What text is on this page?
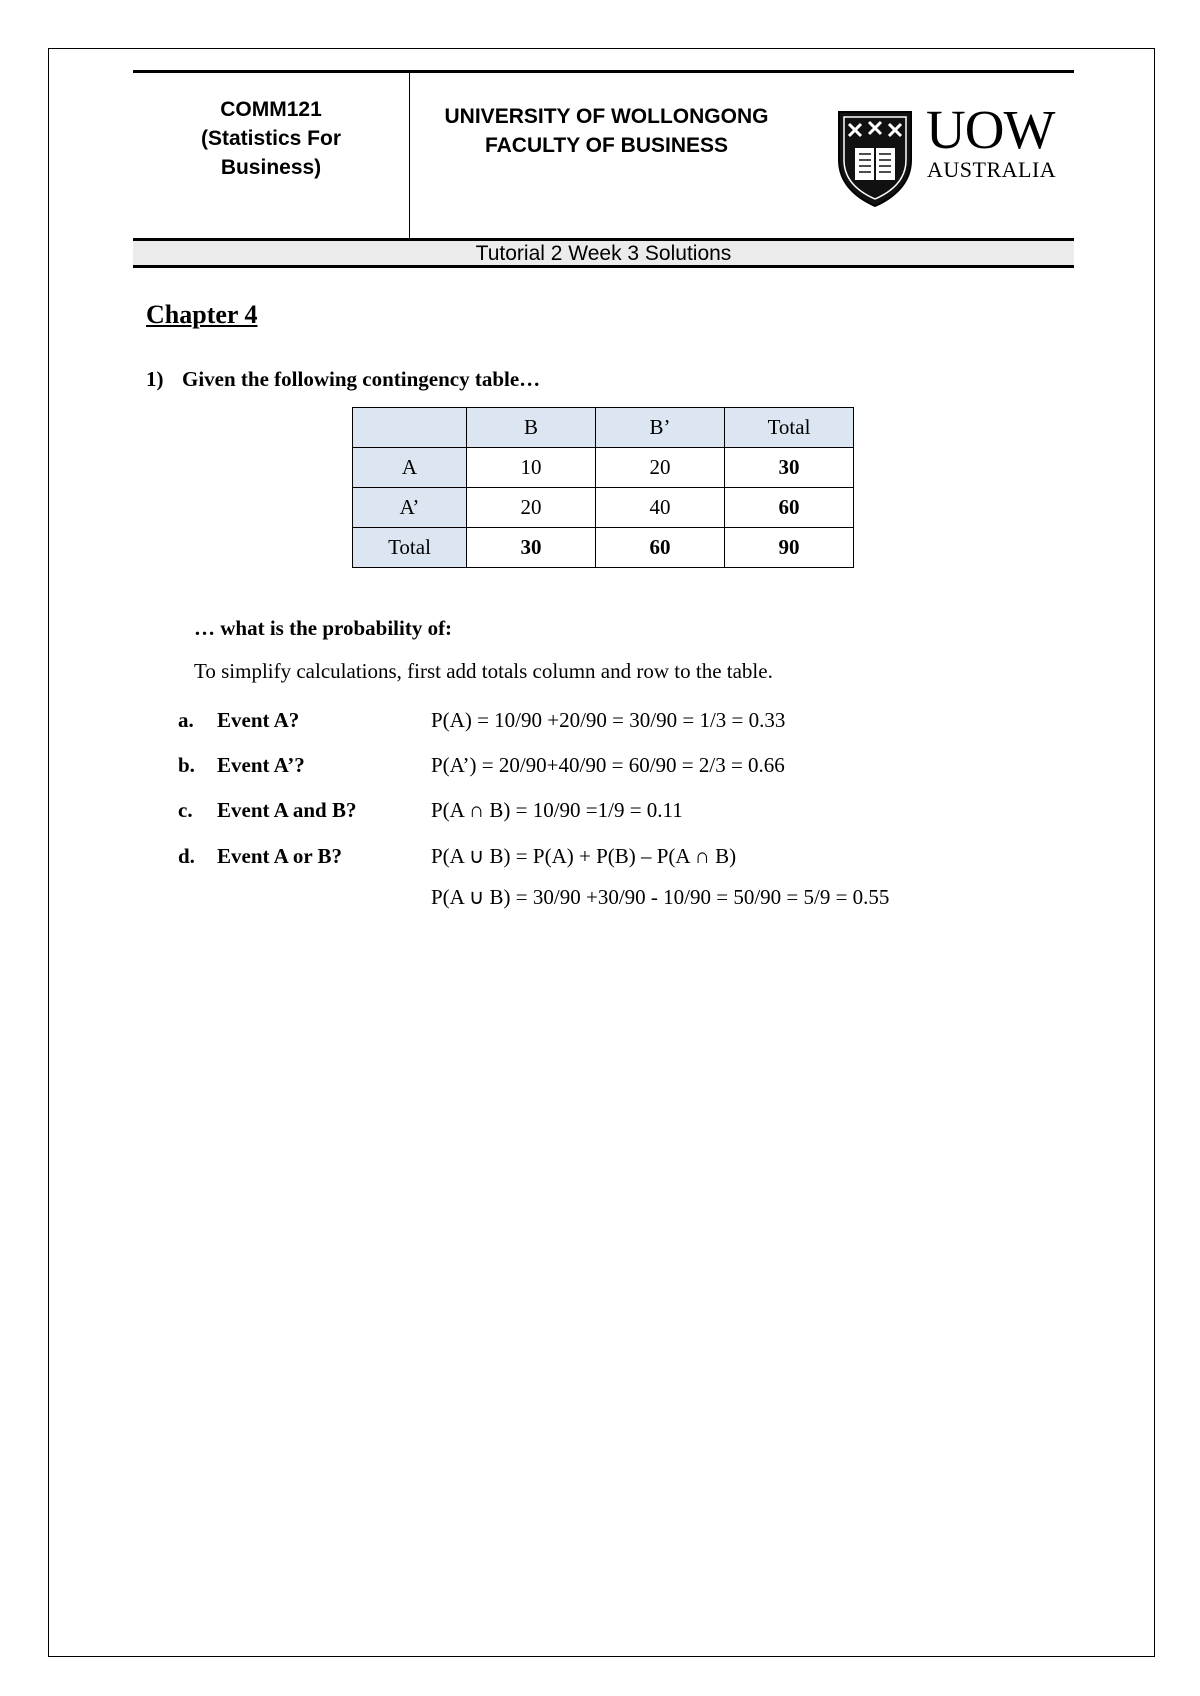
COMM121
(Statistics For
Business)
UNIVERSITY OF WOLLONGONG
FACULTY OF BUSINESS	UOW
AUSTRALIA
Tutorial 2 Week 3 Solutions
Chapter 4
1) Given the following contingency table…
	B	B’	Total
A	10	20	30
A’	20	40	60
Total	30	60	90
… what is the probability of:
To simplify calculations, first add totals column and row to the table.
a.	Event A?	P(A) = 10/90 +20/90 = 30/90 = 1/3 = 0.33
b.	Event A’?	P(A’) = 20/90+40/90 = 60/90 = 2/3 = 0.66
c.	Event A and B?	P(A ∩ B) = 10/90 =1/9 = 0.11
d.	Event A or B?	P(A ∪ B) = P(A) + P(B) – P(A ∩ B)
P(A ∪ B) = 30/90 +30/90 - 10/90 = 50/90 = 5/9 = 0.55
